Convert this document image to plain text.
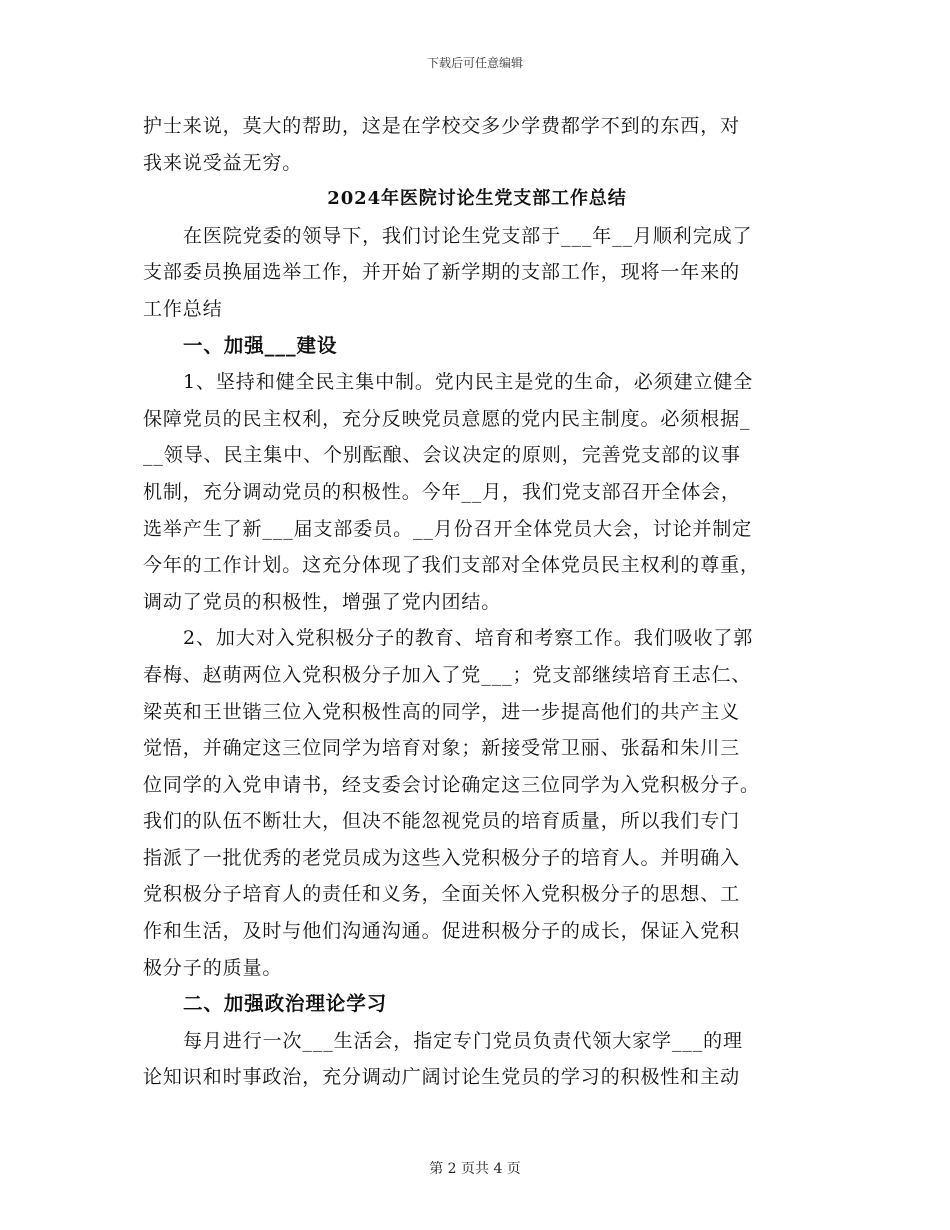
下载后可任意编辑
护士来说，莫大的帮助，这是在学校交多少学费都学不到的东西，对
我来说受益无穷。
2024年医院讨论生党支部工作总结
在医院党委的领导下，我们讨论生党支部于___年__月顺利完成了
支部委员换届选举工作，并开始了新学期的支部工作，现将一年来的
工作总结
一、加强___建设
1、坚持和健全民主集中制。党内民主是党的生命，必须建立健全
保障党员的民主权利，充分反映党员意愿的党内民主制度。必须根据_
__领导、民主集中、个别酝酿、会议决定的原则，完善党支部的议事
机制，充分调动党员的积极性。今年__月，我们党支部召开全体会，
选举产生了新___届支部委员。__月份召开全体党员大会，讨论并制定
今年的工作计划。这充分体现了我们支部对全体党员民主权利的尊重，
调动了党员的积极性，增强了党内团结。
2、加大对入党积极分子的教育、培育和考察工作。我们吸收了郭
春梅、赵萌两位入党积极分子加入了党___；党支部继续培育王志仁、
梁英和王世锴三位入党积极性高的同学，进一步提高他们的共产主义
觉悟，并确定这三位同学为培育对象；新接受常卫丽、张磊和朱川三
位同学的入党申请书，经支委会讨论确定这三位同学为入党积极分子。
我们的队伍不断壮大，但决不能忽视党员的培育质量，所以我们专门
指派了一批优秀的老党员成为这些入党积极分子的培育人。并明确入
党积极分子培育人的责任和义务，全面关怀入党积极分子的思想、工
作和生活，及时与他们沟通沟通。促进积极分子的成长，保证入党积
极分子的质量。
二、加强政治理论学习
每月进行一次___生活会，指定专门党员负责代领大家学___的理
论知识和时事政治，充分调动广阔讨论生党员的学习的积极性和主动
第 2 页共 4 页
